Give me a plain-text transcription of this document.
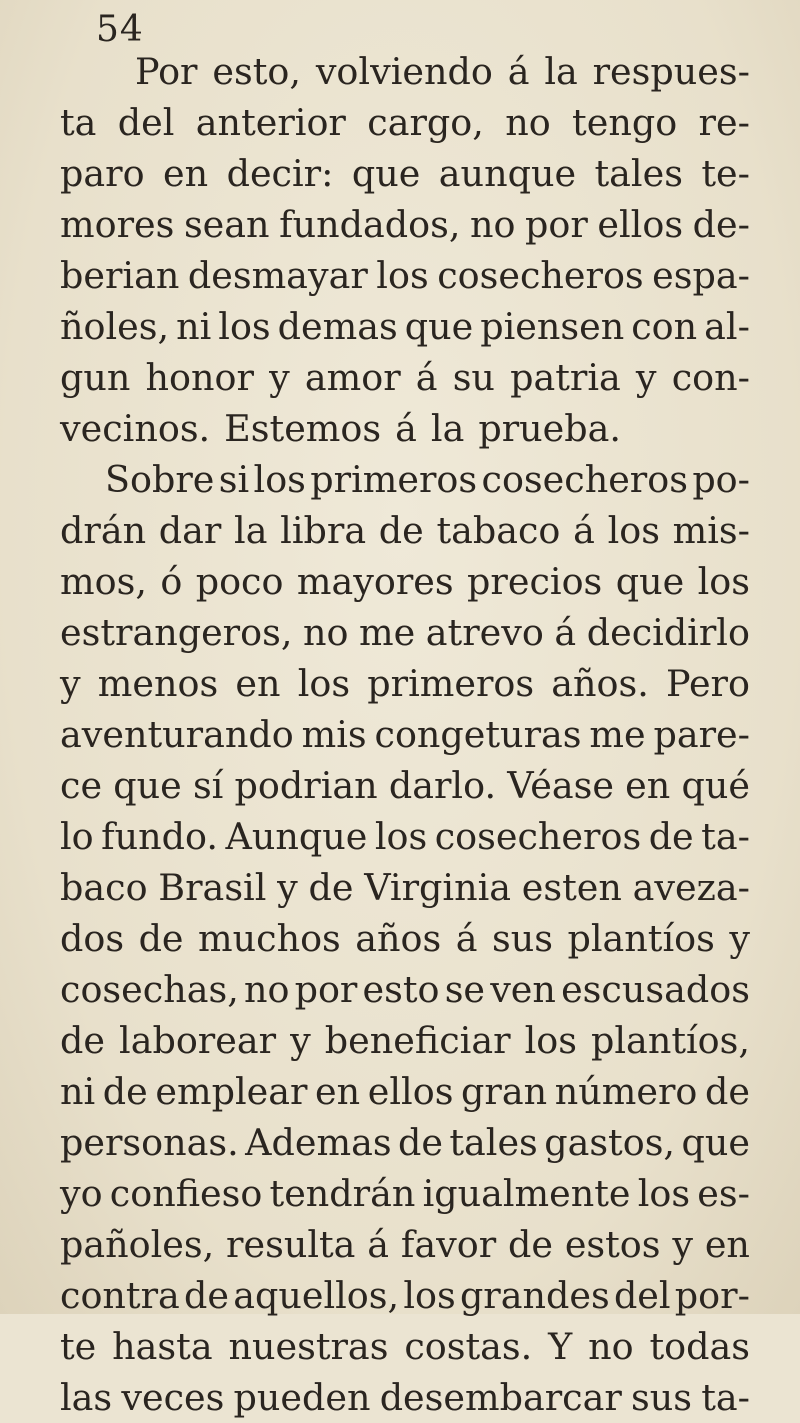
54
Por esto, volviendo á la respues-
ta del anterior cargo, no tengo re-
paro en decir: que aunque tales te-
mores sean fundados, no por ellos de-
berian desmayar los cosecheros espa-
ñoles, ni los demas que piensen con al-
gun honor y amor á su patria y con-
vecinos. Estemos á la prueba.
Sobre si los primeros cosecheros po-
drán dar la libra de tabaco á los mis-
mos, ó poco mayores precios que los
estrangeros, no me atrevo á decidirlo
y menos en los primeros años. Pero
aventurando mis congeturas me pare-
ce que sí podrian darlo. Véase en qué
lo fundo. Aunque los cosecheros de ta-
baco Brasil y de Virginia esten aveza-
dos de muchos años á sus plantíos y
cosechas, no por esto se ven escusados
de laborear y beneficiar los plantíos,
ni de emplear en ellos gran número de
personas. Ademas de tales gastos, que
yo confieso tendrán igualmente los es-
pañoles, resulta á favor de estos y en
contra de aquellos, los grandes del por-
te hasta nuestras costas. Y no todas
las veces pueden desembarcar sus ta-
